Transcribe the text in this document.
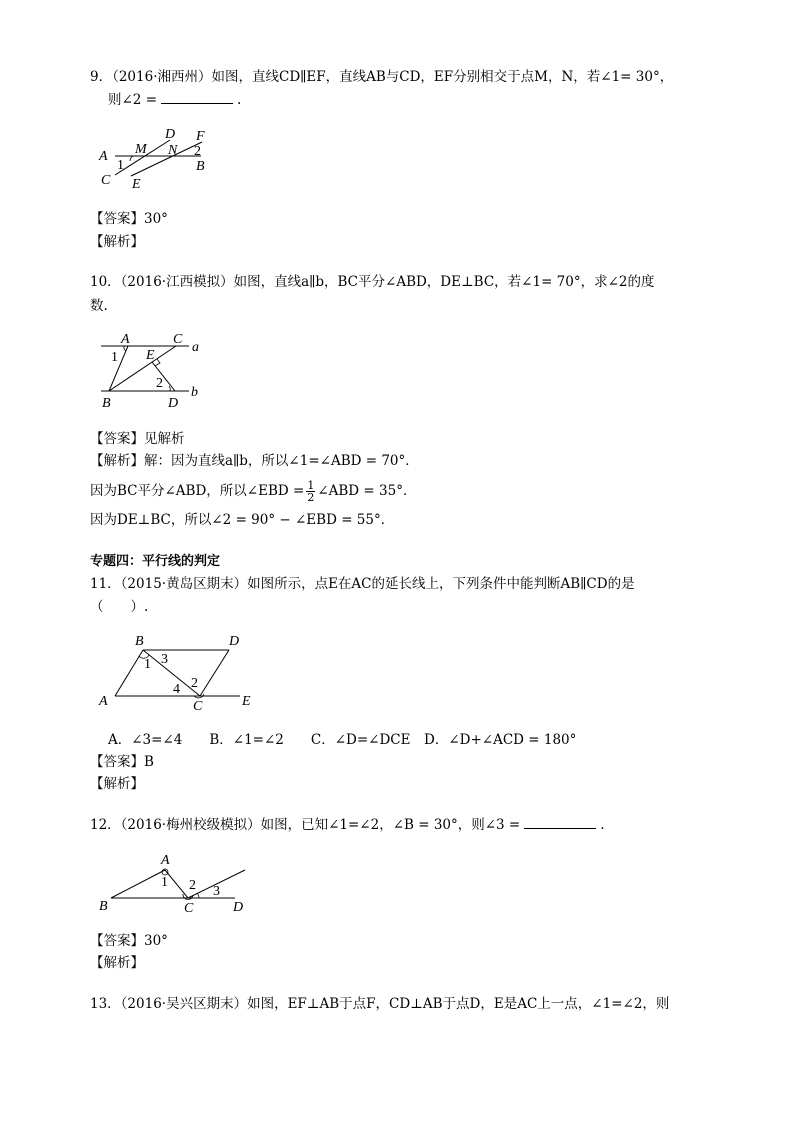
9．（2016·湘西州）如图，直线CD∥EF，直线AB与CD，EF分别相交于点M，N，若∠1= 30°，
则∠2 =	.
A
C
D F
M N
B
E
1
2
【答案】30°
【解析】
10．（2016·江西模拟）如图，直线a∥b，BC平分∠ABD，DE⊥BC，若∠1= 70°，求∠2的度
数.
A	C
a
1 E
2
B	D
b
【答案】见解析
【解析】解：因为直线a∥b，所以∠1=∠ABD = 70°．
因为BC平分∠ABD，所以∠EBD = $\frac{1}{2}$ ∠ABD = 35°．
因为DE⊥BC，所以∠2 = 90° − ∠EBD = 55°．
专题四：平行线的判定
11．（2015·黄岛区期末）如图所示，点E在AC的延长线上，下列条件中能判断AB∥CD的是
（　　）.
B	D
1 3
4 2
A	C	E
A．∠3=∠4　　B．∠1=∠2　　C．∠D=∠DCE　D．∠D+∠ACD = 180°
【答案】B
【解析】
12．（2016·梅州校级模拟）如图，已知∠1=∠2，∠B = 30°，则∠3 =	.
A
1 2 3
B	C	D
【答案】30°
【解析】
13．（2016·吴兴区期末）如图，EF⊥AB于点F，CD⊥AB于点D，E是AC上一点，∠1=∠2，则
